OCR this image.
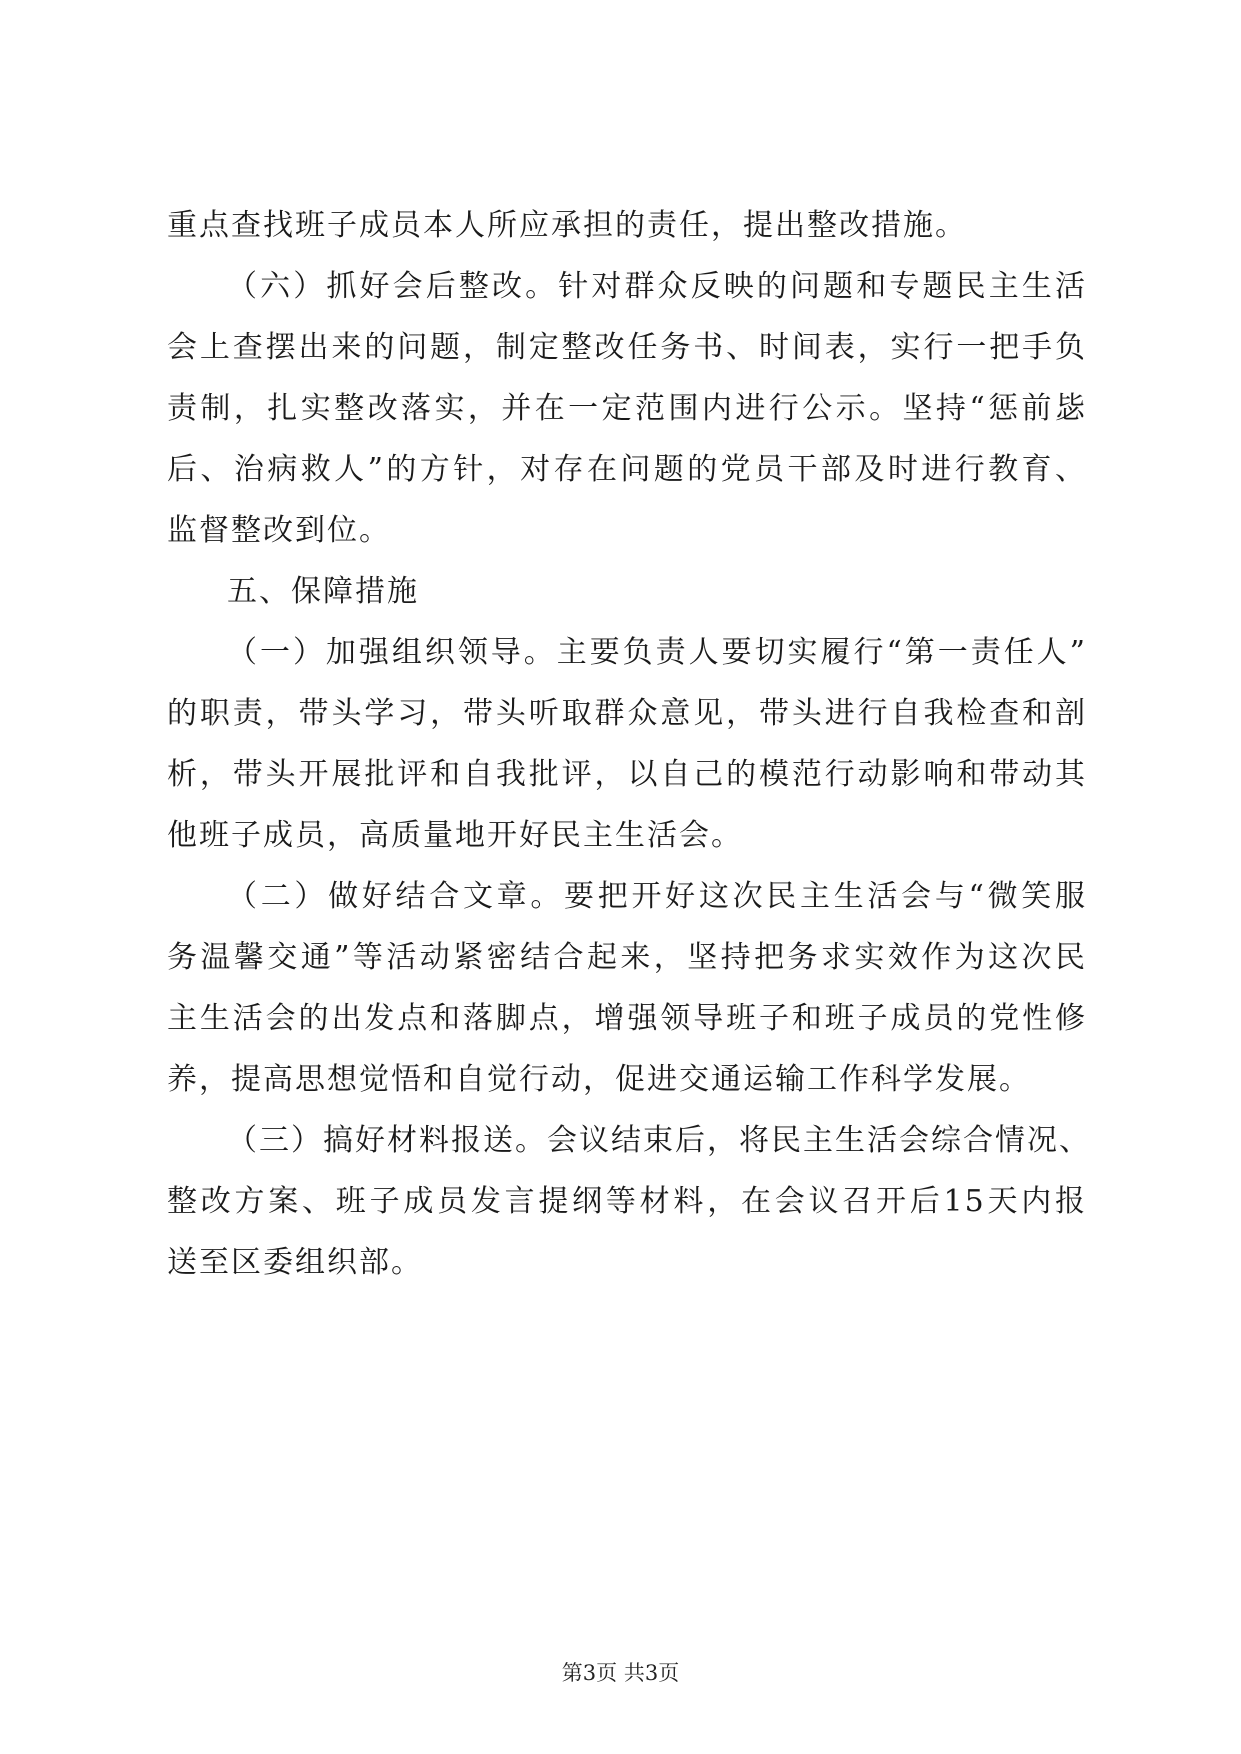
重点查找班子成员本人所应承担的责任，提出整改措施。
（六）抓好会后整改。针对群众反映的问题和专题民主生活
会上查摆出来的问题，制定整改任务书、时间表，实行一把手负
责制，扎实整改落实，并在一定范围内进行公示。坚持“惩前毖
后、治病救人”的方针，对存在问题的党员干部及时进行教育、
监督整改到位。
五、保障措施
（一）加强组织领导。主要负责人要切实履行“第一责任人”
的职责，带头学习，带头听取群众意见，带头进行自我检查和剖
析，带头开展批评和自我批评，以自己的模范行动影响和带动其
他班子成员，高质量地开好民主生活会。
（二）做好结合文章。要把开好这次民主生活会与“微笑服
务温馨交通”等活动紧密结合起来，坚持把务求实效作为这次民
主生活会的出发点和落脚点，增强领导班子和班子成员的党性修
养，提高思想觉悟和自觉行动，促进交通运输工作科学发展。
（三）搞好材料报送。会议结束后，将民主生活会综合情况、
整改方案、班子成员发言提纲等材料，在会议召开后15天内报
送至区委组织部。
第3页 共3页
